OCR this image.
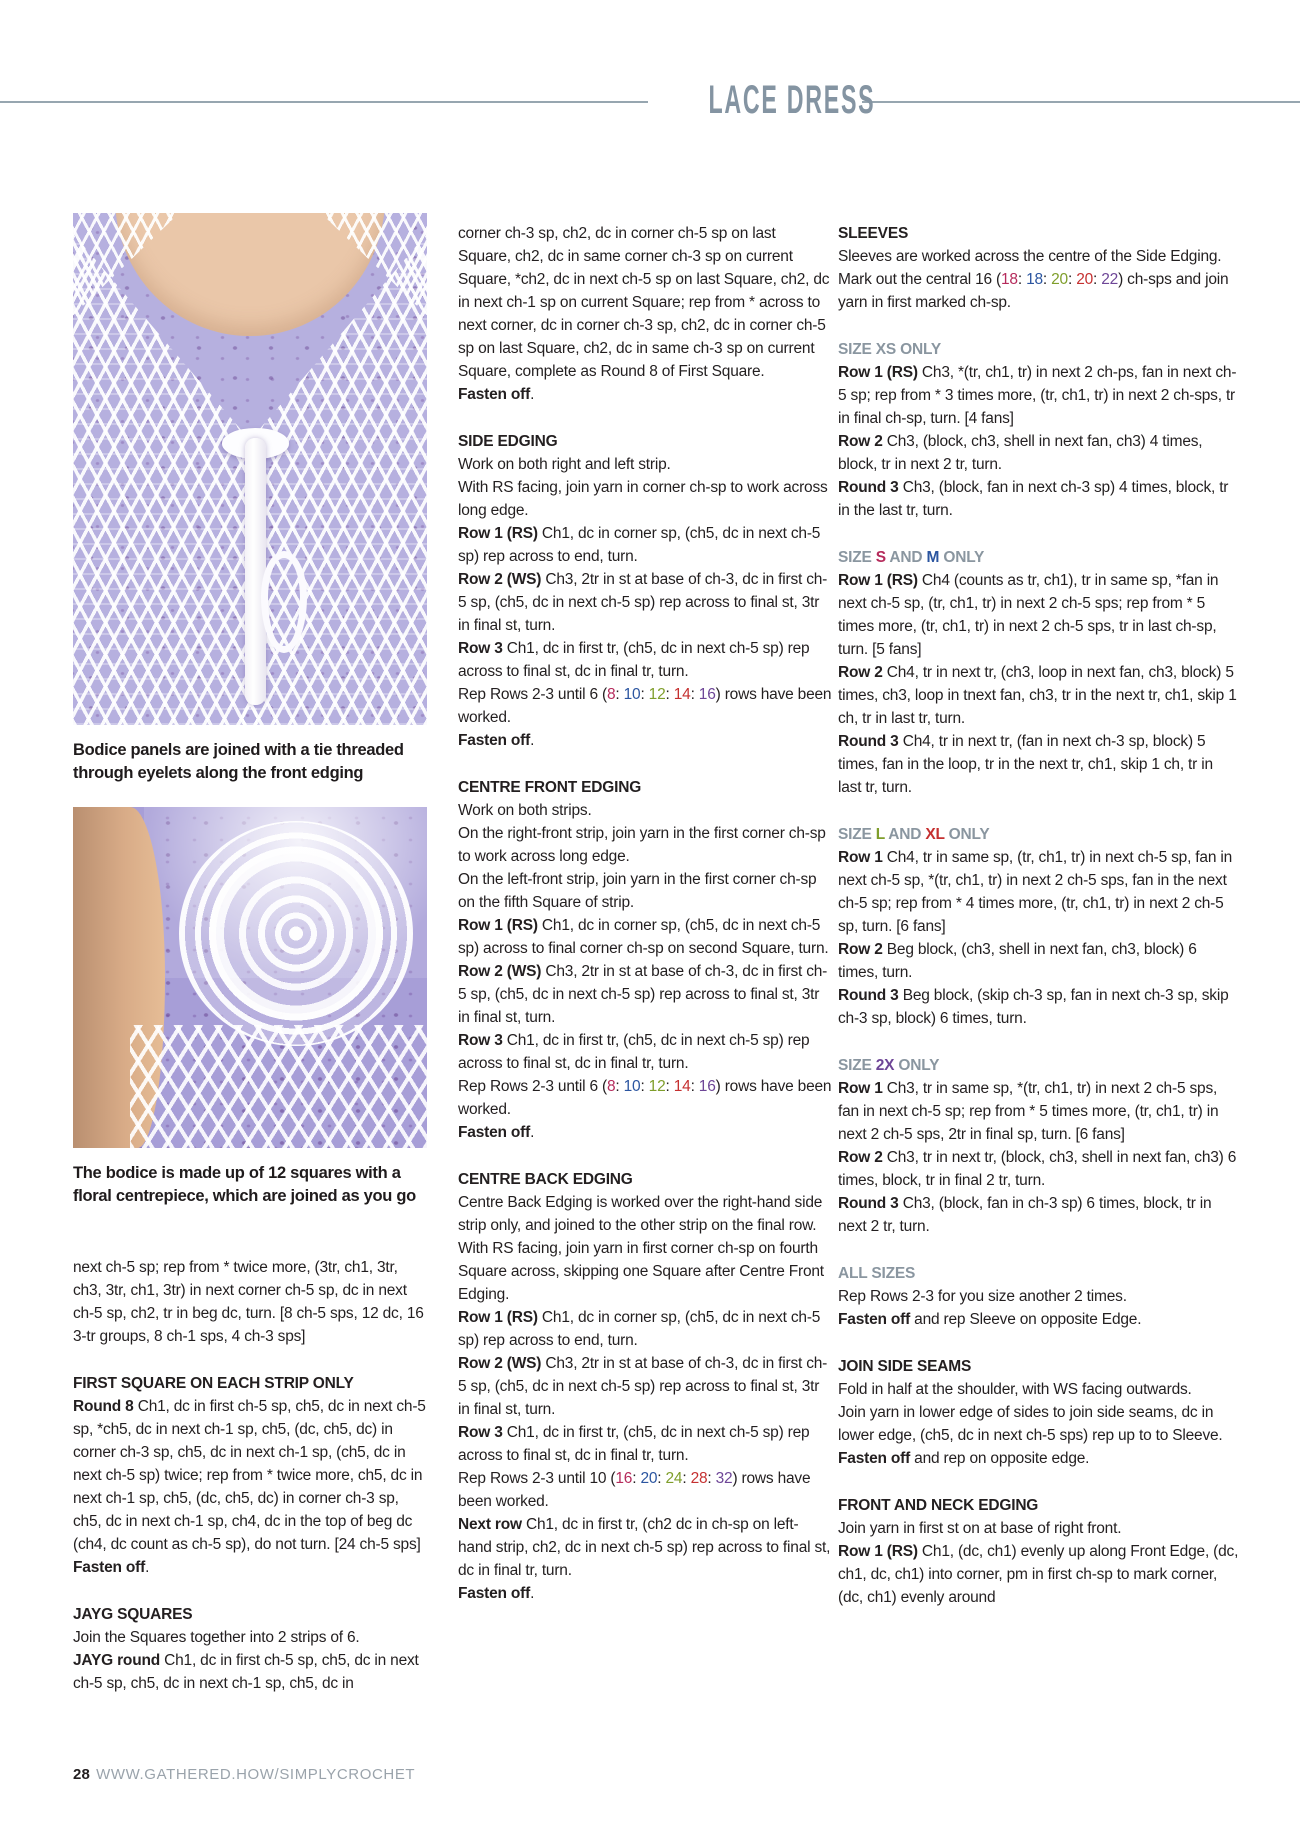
LACE DRESS

Bodice panels are joined with a tie threaded through eyelets along the front edging

The bodice is made up of 12 squares with a floral centrepiece, which are joined as you go

next ch-5 sp; rep from * twice more, (3tr, ch1, 3tr, ch3, 3tr, ch1, 3tr) in next corner ch-5 sp, dc in next ch-5 sp, ch2, tr in beg dc, turn. [8 ch-5 sps, 12 dc, 16 3-tr groups, 8 ch-1 sps, 4 ch-3 sps]

FIRST SQUARE ON EACH STRIP ONLY

Round 8 Ch1, dc in first ch-5 sp, ch5, dc in next ch-5 sp, *ch5, dc in next ch-1 sp, ch5, (dc, ch5, dc) in corner ch-3 sp, ch5, dc in next ch-1 sp, (ch5, dc in next ch-5 sp) twice; rep from * twice more, ch5, dc in next ch-1 sp, ch5, (dc, ch5, dc) in corner ch-3 sp, ch5, dc in next ch-1 sp, ch4, dc in the top of beg dc (ch4, dc count as ch-5 sp), do not turn. [24 ch-5 sps]

Fasten off.

JAYG SQUARES

Join the Squares together into 2 strips of 6.

JAYG round Ch1, dc in first ch-5 sp, ch5, dc in next ch-5 sp, ch5, dc in next ch-1 sp, ch5, dc in

corner ch-3 sp, ch2, dc in corner ch-5 sp on last Square, ch2, dc in same corner ch-3 sp on current Square, *ch2, dc in next ch-5 sp on last Square, ch2, dc in next ch-1 sp on current Square; rep from * across to next corner, dc in corner ch-3 sp, ch2, dc in corner ch-5 sp on last Square, ch2, dc in same ch-3 sp on current Square, complete as Round 8 of First Square.

Fasten off.

SIDE EDGING

Work on both right and left strip.

With RS facing, join yarn in corner ch-sp to work across long edge.

Row 1 (RS) Ch1, dc in corner sp, (ch5, dc in next ch-5 sp) rep across to end, turn.

Row 2 (WS) Ch3, 2tr in st at base of ch-3, dc in first ch-5 sp, (ch5, dc in next ch-5 sp) rep across to final st, 3tr in final st, turn.

Row 3 Ch1, dc in first tr, (ch5, dc in next ch-5 sp) rep across to final st, dc in final tr, turn.

Rep Rows 2-3 until 6 (8: 10: 12: 14: 16) rows have been worked.

Fasten off.

CENTRE FRONT EDGING

Work on both strips.

On the right-front strip, join yarn in the first corner ch-sp to work across long edge.

On the left-front strip, join yarn in the first corner ch-sp on the fifth Square of strip.

Row 1 (RS) Ch1, dc in corner sp, (ch5, dc in next ch-5 sp) across to final corner ch-sp on second Square, turn.

Row 2 (WS) Ch3, 2tr in st at base of ch-3, dc in first ch-5 sp, (ch5, dc in next ch-5 sp) rep across to final st, 3tr in final st, turn.

Row 3 Ch1, dc in first tr, (ch5, dc in next ch-5 sp) rep across to final st, dc in final tr, turn.

Rep Rows 2-3 until 6 (8: 10: 12: 14: 16) rows have been worked.

Fasten off.

CENTRE BACK EDGING

Centre Back Edging is worked over the right-hand side strip only, and joined to the other strip on the final row.

With RS facing, join yarn in first corner ch-sp on fourth Square across, skipping one Square after Centre Front Edging.

Row 1 (RS) Ch1, dc in corner sp, (ch5, dc in next ch-5 sp) rep across to end, turn.

Row 2 (WS) Ch3, 2tr in st at base of ch-3, dc in first ch-5 sp, (ch5, dc in next ch-5 sp) rep across to final st, 3tr in final st, turn.

Row 3 Ch1, dc in first tr, (ch5, dc in next ch-5 sp) rep across to final st, dc in final tr, turn.

Rep Rows 2-3 until 10 (16: 20: 24: 28: 32) rows have been worked.

Next row Ch1, dc in first tr, (ch2 dc in ch-sp on left-hand strip, ch2, dc in next ch-5 sp) rep across to final st, dc in final tr, turn.

Fasten off.

SLEEVES

Sleeves are worked across the centre of the Side Edging. Mark out the central 16 (18: 18: 20: 20: 22) ch-sps and join yarn in first marked ch-sp.

SIZE XS ONLY

Row 1 (RS) Ch3, *(tr, ch1, tr) in next 2 ch-ps, fan in next ch-5 sp; rep from * 3 times more, (tr, ch1, tr) in next 2 ch-sps, tr in final ch-sp, turn. [4 fans]

Row 2 Ch3, (block, ch3, shell in next fan, ch3) 4 times, block, tr in next 2 tr, turn.

Round 3 Ch3, (block, fan in next ch-3 sp) 4 times, block, tr in the last tr, turn.

SIZE S AND M ONLY

Row 1 (RS) Ch4 (counts as tr, ch1), tr in same sp, *fan in next ch-5 sp, (tr, ch1, tr) in next 2 ch-5 sps; rep from * 5 times more, (tr, ch1, tr) in next 2 ch-5 sps, tr in last ch-sp, turn. [5 fans]

Row 2 Ch4, tr in next tr, (ch3, loop in next fan, ch3, block) 5 times, ch3, loop in tnext fan, ch3, tr in the next tr, ch1, skip 1 ch, tr in last tr, turn.

Round 3 Ch4, tr in next tr, (fan in next ch-3 sp, block) 5 times, fan in the loop, tr in the next tr, ch1, skip 1 ch, tr in last tr, turn.

SIZE L AND XL ONLY

Row 1 Ch4, tr in same sp, (tr, ch1, tr) in next ch-5 sp, fan in next ch-5 sp, *(tr, ch1, tr) in next 2 ch-5 sps, fan in the next ch-5 sp; rep from * 4 times more, (tr, ch1, tr) in next 2 ch-5 sp, turn. [6 fans]

Row 2 Beg block, (ch3, shell in next fan, ch3, block) 6 times, turn.

Round 3 Beg block, (skip ch-3 sp, fan in next ch-3 sp, skip ch-3 sp, block) 6 times, turn.

SIZE 2X ONLY

Row 1 Ch3, tr in same sp, *(tr, ch1, tr) in next 2 ch-5 sps, fan in next ch-5 sp; rep from * 5 times more, (tr, ch1, tr) in next 2 ch-5 sps, 2tr in final sp, turn. [6 fans]

Row 2 Ch3, tr in next tr, (block, ch3, shell in next fan, ch3) 6 times, block, tr in final 2 tr, turn.

Round 3 Ch3, (block, fan in ch-3 sp) 6 times, block, tr in next 2 tr, turn.

ALL SIZES

Rep Rows 2-3 for you size another 2 times.

Fasten off and rep Sleeve on opposite Edge.

JOIN SIDE SEAMS

Fold in half at the shoulder, with WS facing outwards.

Join yarn in lower edge of sides to join side seams, dc in lower edge, (ch5, dc in next ch-5 sps) rep up to to Sleeve.

Fasten off and rep on opposite edge.

FRONT AND NECK EDGING

Join yarn in first st on at base of right front.

Row 1 (RS) Ch1, (dc, ch1) evenly up along Front Edge, (dc, ch1, dc, ch1) into corner, pm in first ch-sp to mark corner, (dc, ch1) evenly around

28 WWW.GATHERED.HOW/SIMPLYCROCHET
